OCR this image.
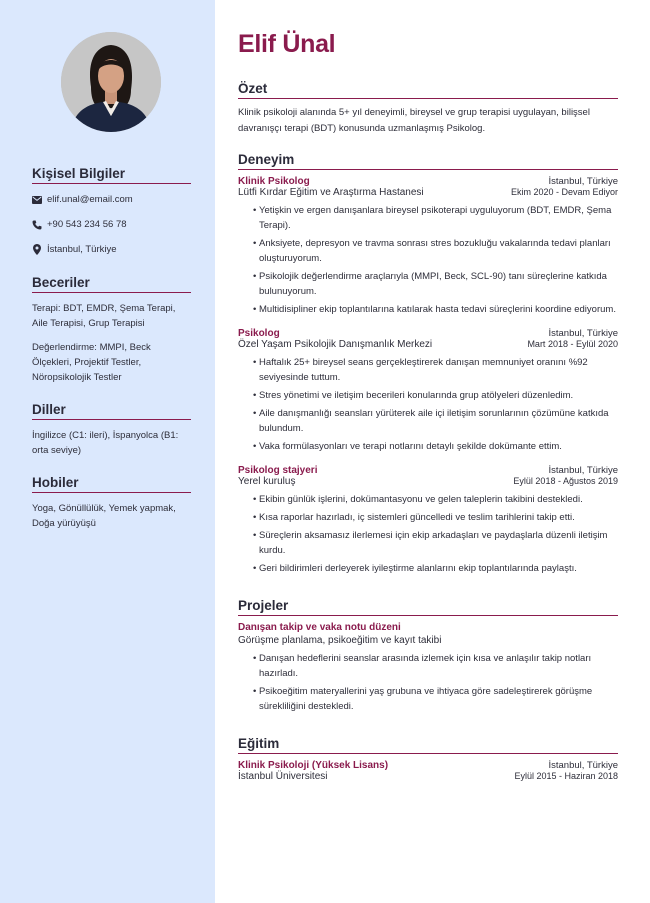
Kişisel Bilgiler
elif.unal@email.com
+90 543 234 56 78
İstanbul, Türkiye
Beceriler

Terapi: BDT, EMDR, Şema Terapi, Aile Terapisi, Grup Terapisi

Değerlendirme: MMPI, Beck Ölçekleri, Projektif Testler, Nöropsikolojik Testler

Diller

İngilizce (C1: ileri), İspanyolca (B1: orta seviye)

Hobiler

Yoga, Gönüllülük, Yemek yapmak, Doğa yürüyüşü

Elif Ünal
Özet

Klinik psikoloji alanında 5+ yıl deneyimli, bireysel ve grup terapisi uygulayan, bilişsel davranışçı terapi (BDT) konusunda uzmanlaşmış Psikolog.

Deneyim
Klinik Psikolog	İstanbul, Türkiye
Lütfi Kırdar Eğitim ve Araştırma Hastanesi	Ekim 2020 - Devam Ediyor
• Yetişkin ve ergen danışanlara bireysel psikoterapi uyguluyorum (BDT, EMDR, Şema Terapi).
• Anksiyete, depresyon ve travma sonrası stres bozukluğu vakalarında tedavi planları oluşturuyorum.
• Psikolojik değerlendirme araçlarıyla (MMPI, Beck, SCL-90) tanı süreçlerine katkıda bulunuyorum.
• Multidisipliner ekip toplantılarına katılarak hasta tedavi süreçlerini koordine ediyorum.
Psikolog	İstanbul, Türkiye
Özel Yaşam Psikolojik Danışmanlık Merkezi	Mart 2018 - Eylül 2020
• Haftalık 25+ bireysel seans gerçekleştirerek danışan memnuniyet oranını %92 seviyesinde tuttum.
• Stres yönetimi ve iletişim becerileri konularında grup atölyeleri düzenledim.
• Aile danışmanlığı seansları yürüterek aile içi iletişim sorunlarının çözümüne katkıda bulundum.
• Vaka formülasyonları ve terapi notlarını detaylı şekilde dokümante ettim.
Psikolog stajyeri	İstanbul, Türkiye
Yerel kuruluş	Eylül 2018 - Ağustos 2019
• Ekibin günlük işlerini, dokümantasyonu ve gelen taleplerin takibini destekledi.
• Kısa raporlar hazırladı, iç sistemleri güncelledi ve teslim tarihlerini takip etti.
• Süreçlerin aksamasız ilerlemesi için ekip arkadaşları ve paydaşlarla düzenli iletişim kurdu.
• Geri bildirimleri derleyerek iyileştirme alanlarını ekip toplantılarında paylaştı.
Projeler
Danışan takip ve vaka notu düzeni
Görüşme planlama, psikoeğitim ve kayıt takibi
• Danışan hedeflerini seanslar arasında izlemek için kısa ve anlaşılır takip notları hazırladı.
• Psikoeğitim materyallerini yaş grubuna ve ihtiyaca göre sadeleştirerek görüşme sürekliliğini destekledi.
Eğitim
Klinik Psikoloji (Yüksek Lisans)	İstanbul, Türkiye
İstanbul Üniversitesi	Eylül 2015 - Haziran 2018
